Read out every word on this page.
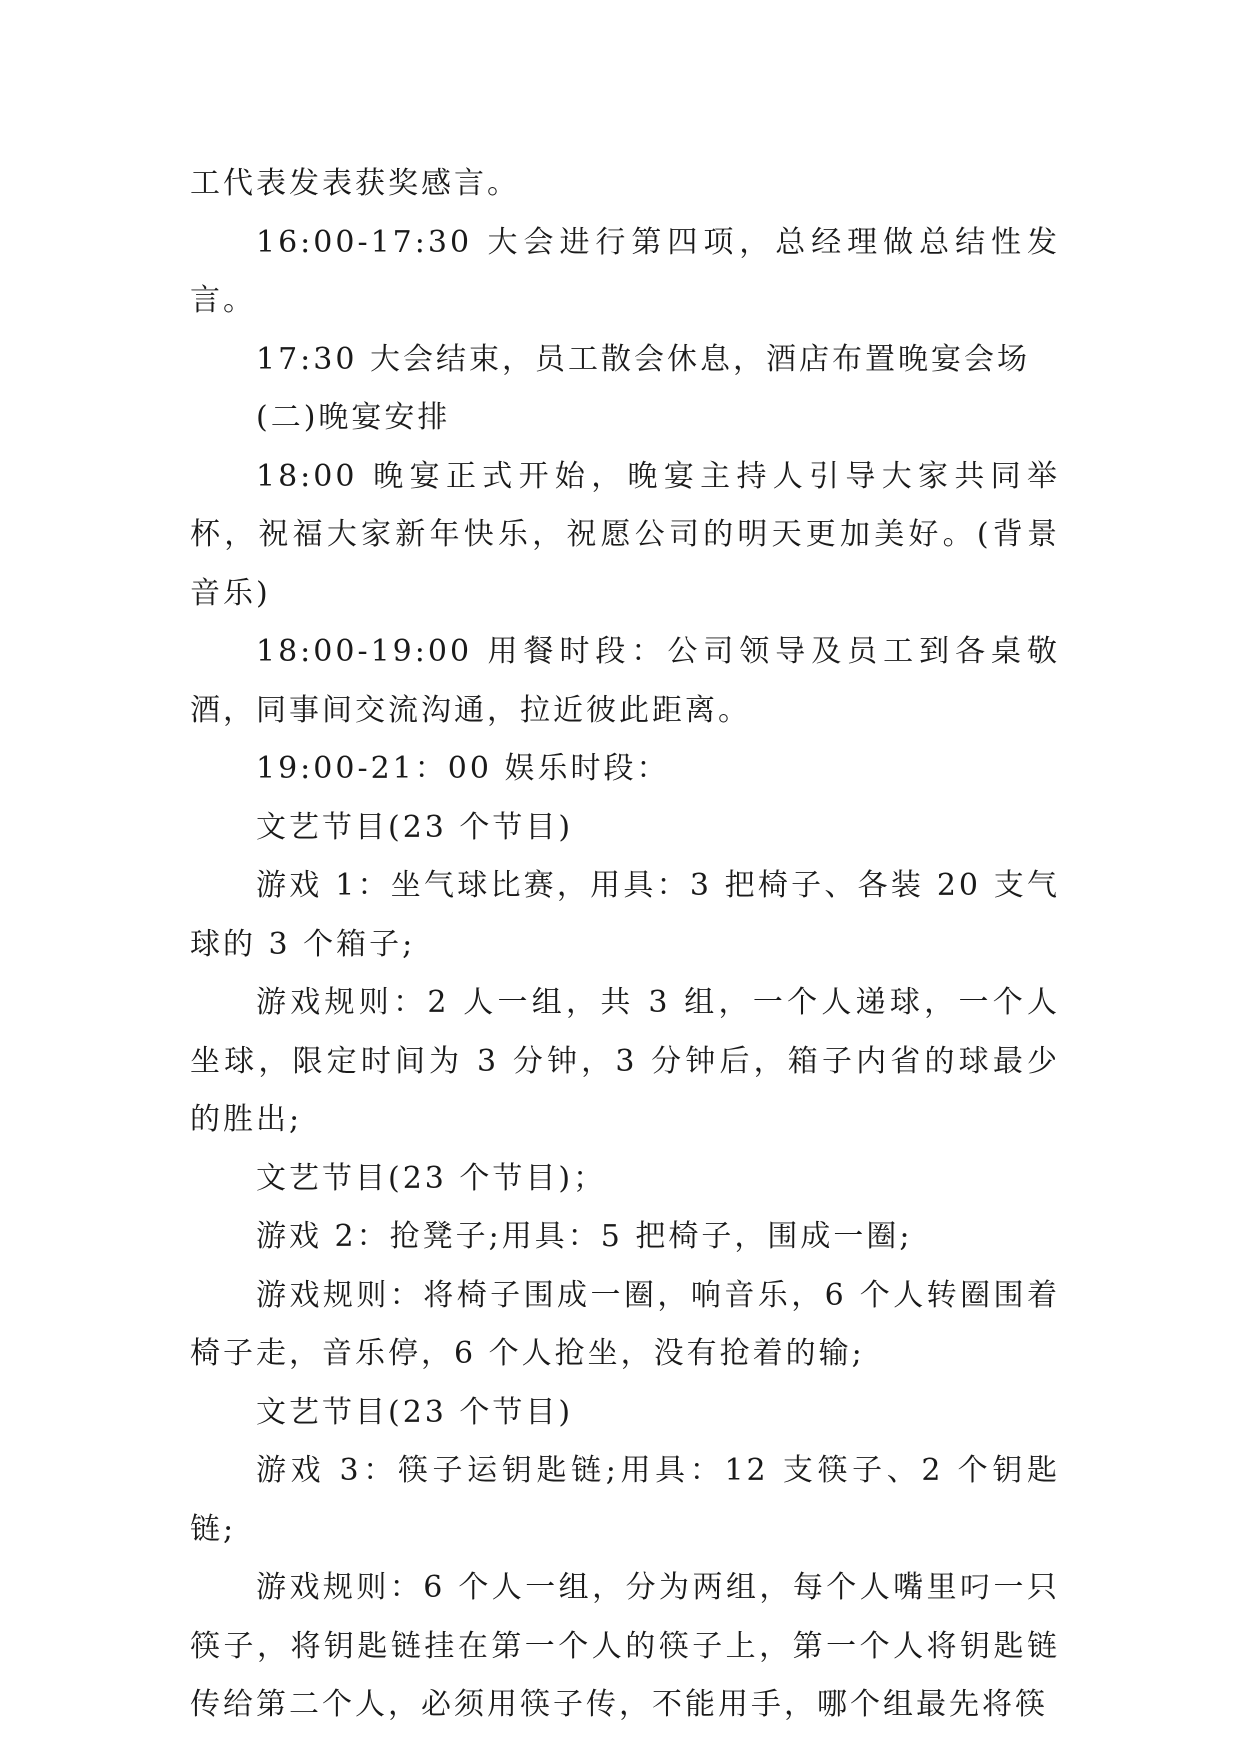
工代表发表获奖感言。

16:00-17:30 大会进行第四项，总经理做总结性发言。

17:30 大会结束，员工散会休息，酒店布置晚宴会场

(二)晚宴安排

18:00 晚宴正式开始，晚宴主持人引导大家共同举杯，祝福大家新年快乐，祝愿公司的明天更加美好。(背景音乐)

18:00-19:00 用餐时段：公司领导及员工到各桌敬酒，同事间交流沟通，拉近彼此距离。

19:00-21：00 娱乐时段：

文艺节目(23 个节目)

游戏 1：坐气球比赛，用具：3 把椅子、各装 20 支气球的 3 个箱子;

游戏规则：2 人一组，共 3 组，一个人递球，一个人坐球，限定时间为 3 分钟，3 分钟后，箱子内省的球最少的胜出;

文艺节目(23 个节目)；

游戏 2：抢凳子;用具：5 把椅子，围成一圈;

游戏规则：将椅子围成一圈，响音乐，6 个人转圈围着椅子走，音乐停，6 个人抢坐，没有抢着的输;

文艺节目(23 个节目)

游戏 3：筷子运钥匙链;用具：12 支筷子、2 个钥匙链;

游戏规则：6 个人一组，分为两组，每个人嘴里叼一只筷子，将钥匙链挂在第一个人的筷子上，第一个人将钥匙链传给第二个人，必须用筷子传，不能用手，哪个组最先将筷
